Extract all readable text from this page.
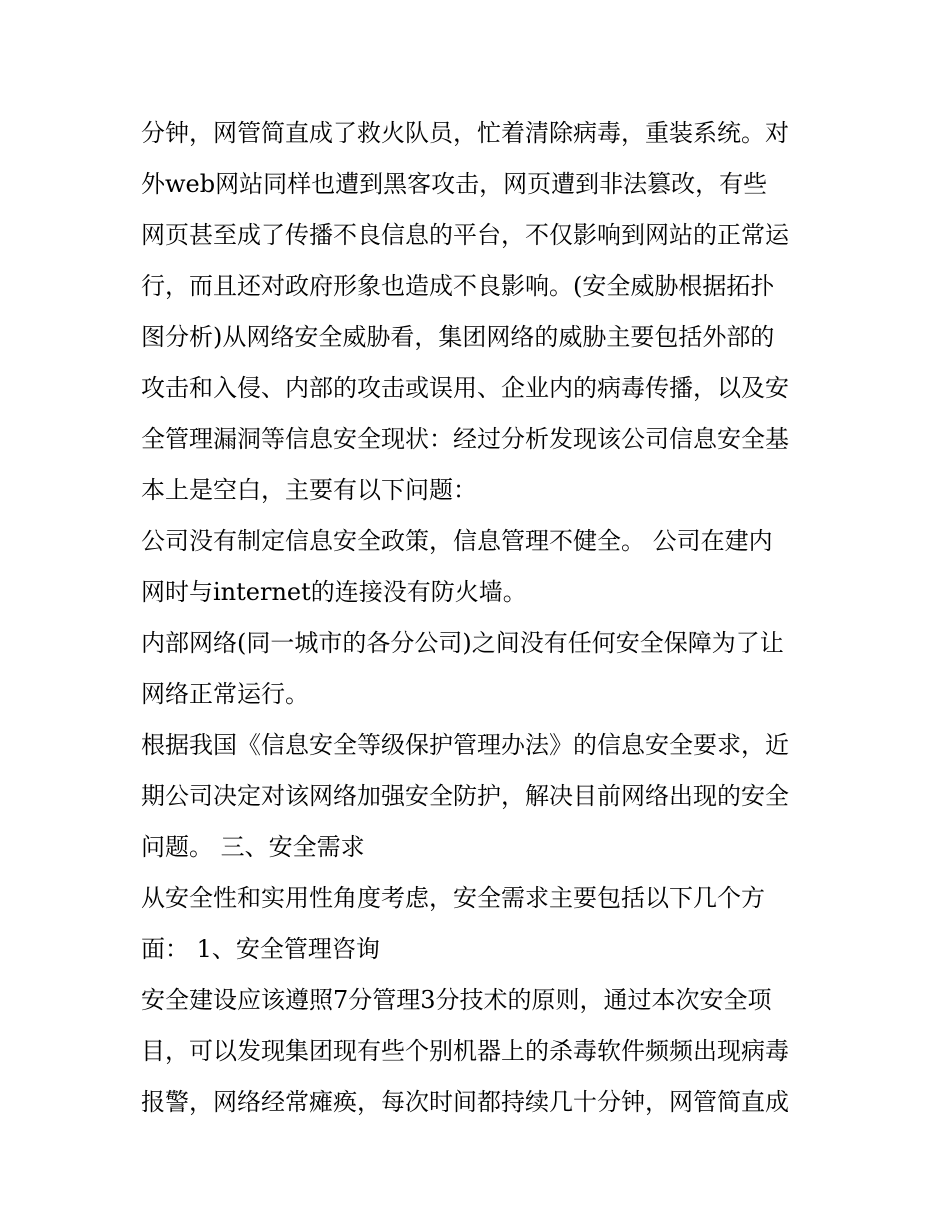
分钟，网管简直成了救火队员，忙着清除病毒，重装系统。对
外web网站同样也遭到黑客攻击，网页遭到非法篡改，有些
网页甚至成了传播不良信息的平台，不仅影响到网站的正常运
行，而且还对政府形象也造成不良影响。(安全威胁根据拓扑
图分析)从网络安全威胁看，集团网络的威胁主要包括外部的
攻击和入侵、内部的攻击或误用、企业内的病毒传播，以及安
全管理漏洞等信息安全现状：经过分析发现该公司信息安全基
本上是空白，主要有以下问题：
公司没有制定信息安全政策，信息管理不健全。 公司在建内
网时与internet的连接没有防火墙。
内部网络(同一城市的各分公司)之间没有任何安全保障为了让
网络正常运行。
根据我国《信息安全等级保护管理办法》的信息安全要求，近
期公司决定对该网络加强安全防护，解决目前网络出现的安全
问题。 三、安全需求
从安全性和实用性角度考虑，安全需求主要包括以下几个方
面： 1、安全管理咨询
安全建设应该遵照7分管理3分技术的原则，通过本次安全项
目，可以发现集团现有些个别机器上的杀毒软件频频出现病毒
报警，网络经常瘫痪，每次时间都持续几十分钟，网管简直成
